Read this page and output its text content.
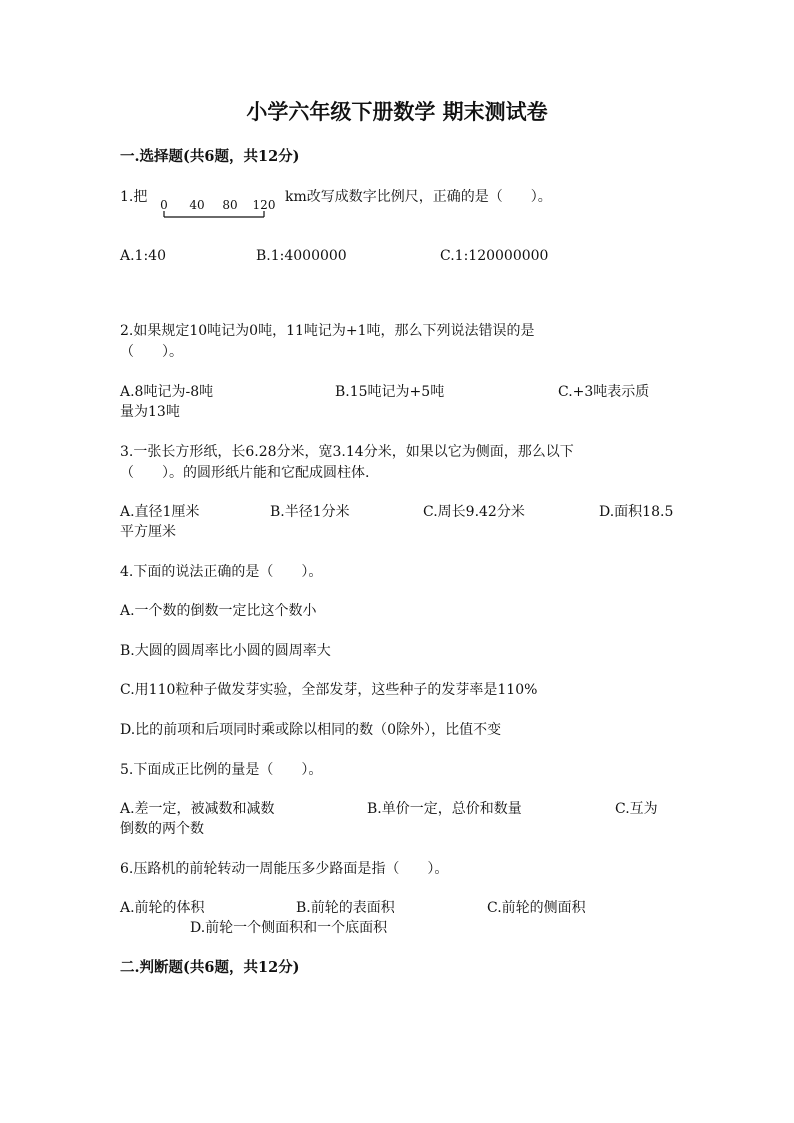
小学六年级下册数学 期末测试卷
一.选择题(共6题，共12分)
1.把 0 40 80 120 km改写成数字比例尺，正确的是（　　）。
A.1:40	B.1:4000000	C.1:120000000
2.如果规定10吨记为0吨，11吨记为+1吨，那么下列说法错误的是
（　　）。
A.8吨记为-8吨	B.15吨记为+5吨	C.+3吨表示质
量为13吨
3.一张长方形纸，长6.28分米，宽3.14分米，如果以它为侧面，那么以下
（　　）。的圆形纸片能和它配成圆柱体.
A.直径1厘米	B.半径1分米	C.周长9.42分米	D.面积18.5
平方厘米
4.下面的说法正确的是（　　）。
A.一个数的倒数一定比这个数小
B.大圆的圆周率比小圆的圆周率大
C.用110粒种子做发芽实验，全部发芽，这些种子的发芽率是110%
D.比的前项和后项同时乘或除以相同的数（0除外），比值不变
5.下面成正比例的量是（　　）。
A.差一定，被减数和减数	B.单价一定，总价和数量	C.互为
倒数的两个数
6.压路机的前轮转动一周能压多少路面是指（　　）。
A.前轮的体积	B.前轮的表面积	C.前轮的侧面积
D.前轮一个侧面积和一个底面积
二.判断题(共6题，共12分)
